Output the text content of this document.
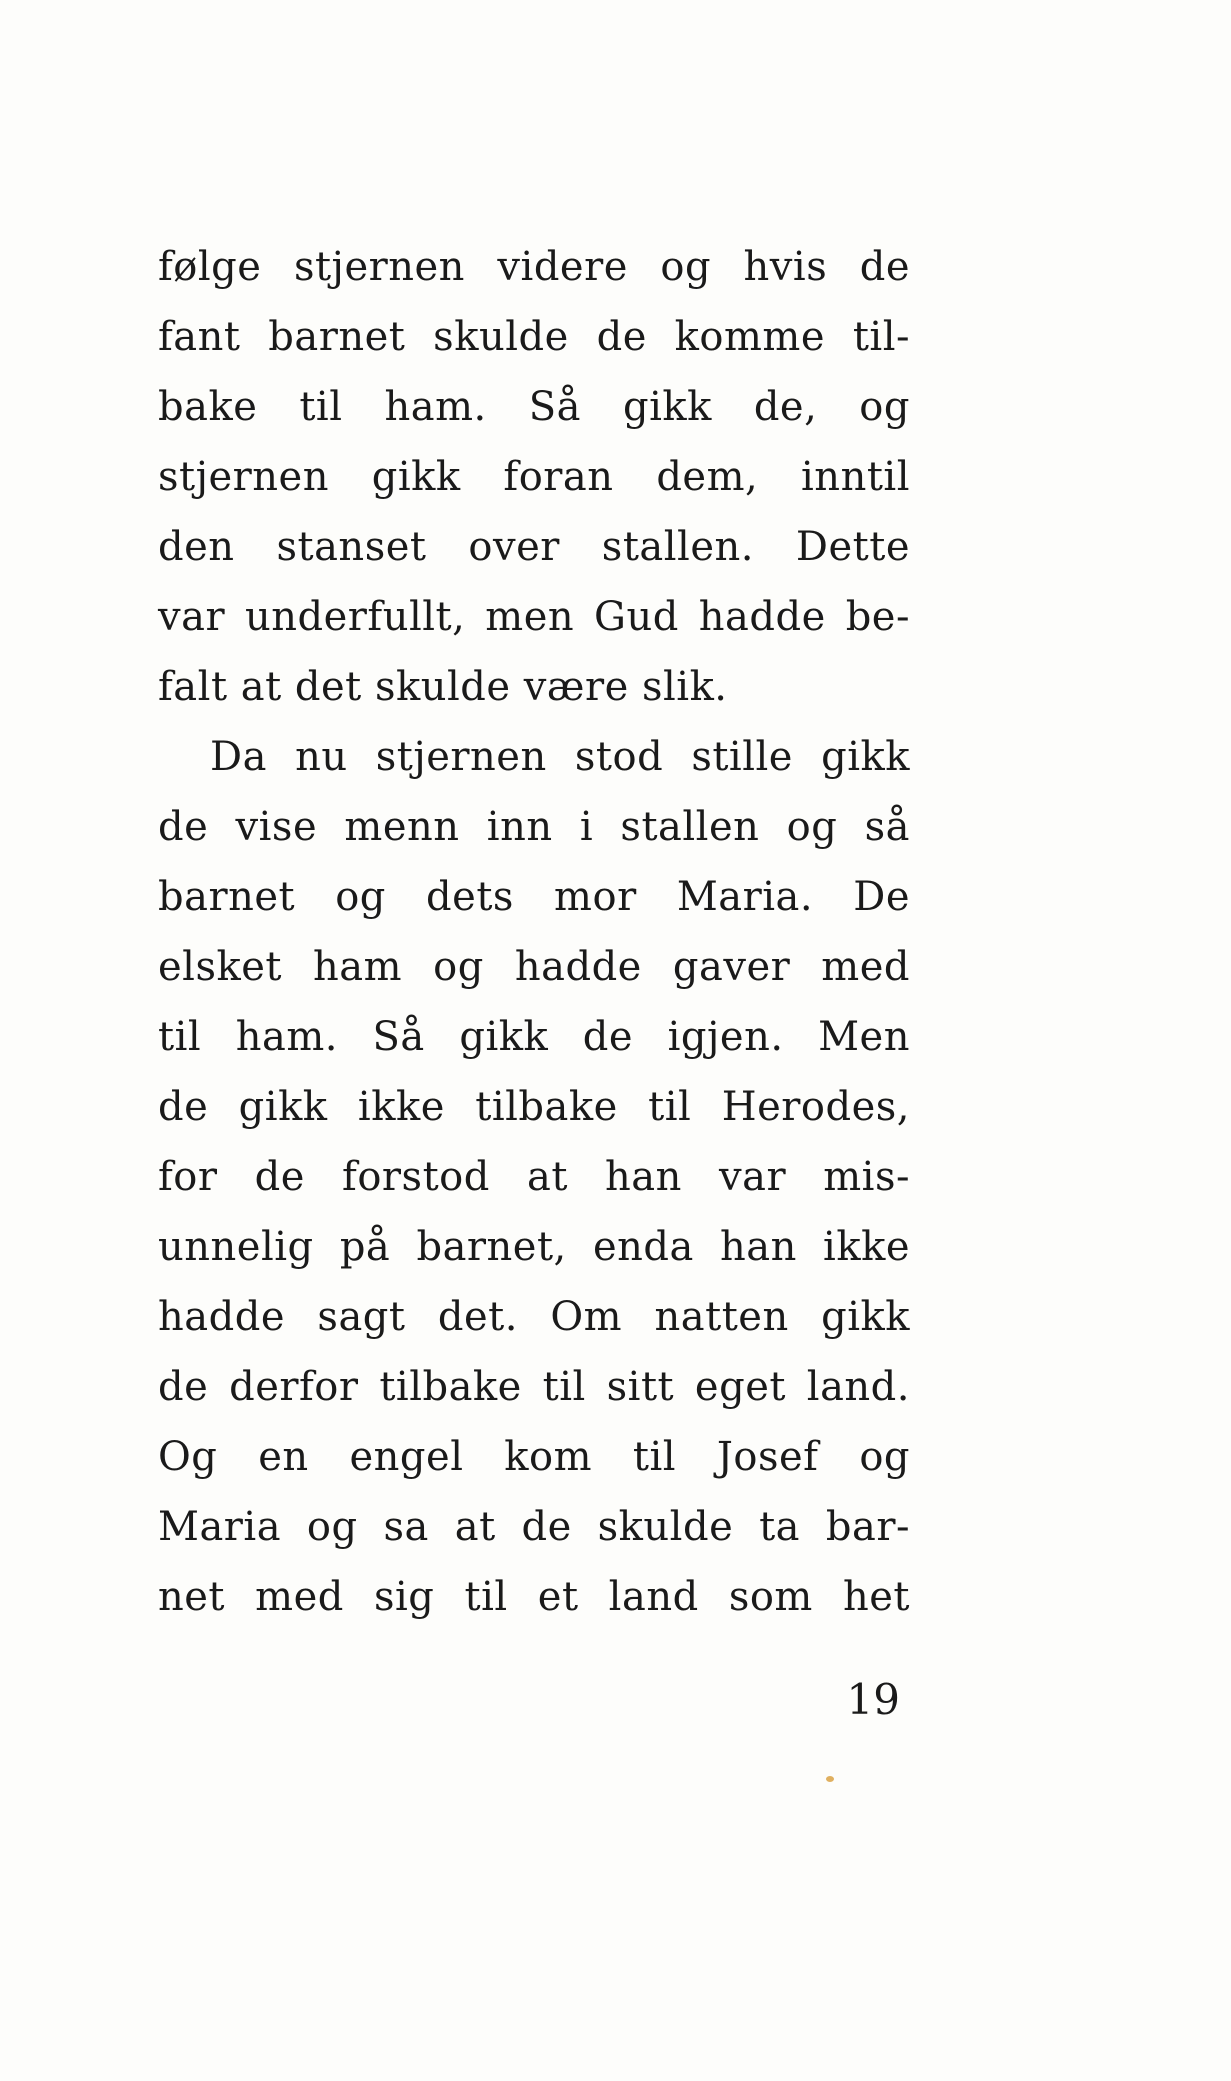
følge stjernen videre og hvis de
fant barnet skulde de komme til-
bake til ham. Så gikk de, og
stjernen gikk foran dem, inntil
den stanset over stallen. Dette
var underfullt, men Gud hadde be-
falt at det skulde være slik.
Da nu stjernen stod stille gikk
de vise menn inn i stallen og så
barnet og dets mor Maria. De
elsket ham og hadde gaver med
til ham. Så gikk de igjen. Men
de gikk ikke tilbake til Herodes,
for de forstod at han var mis-
unnelig på barnet, enda han ikke
hadde sagt det. Om natten gikk
de derfor tilbake til sitt eget land.
Og en engel kom til Josef og
Maria og sa at de skulde ta bar-
net med sig til et land som het
19
